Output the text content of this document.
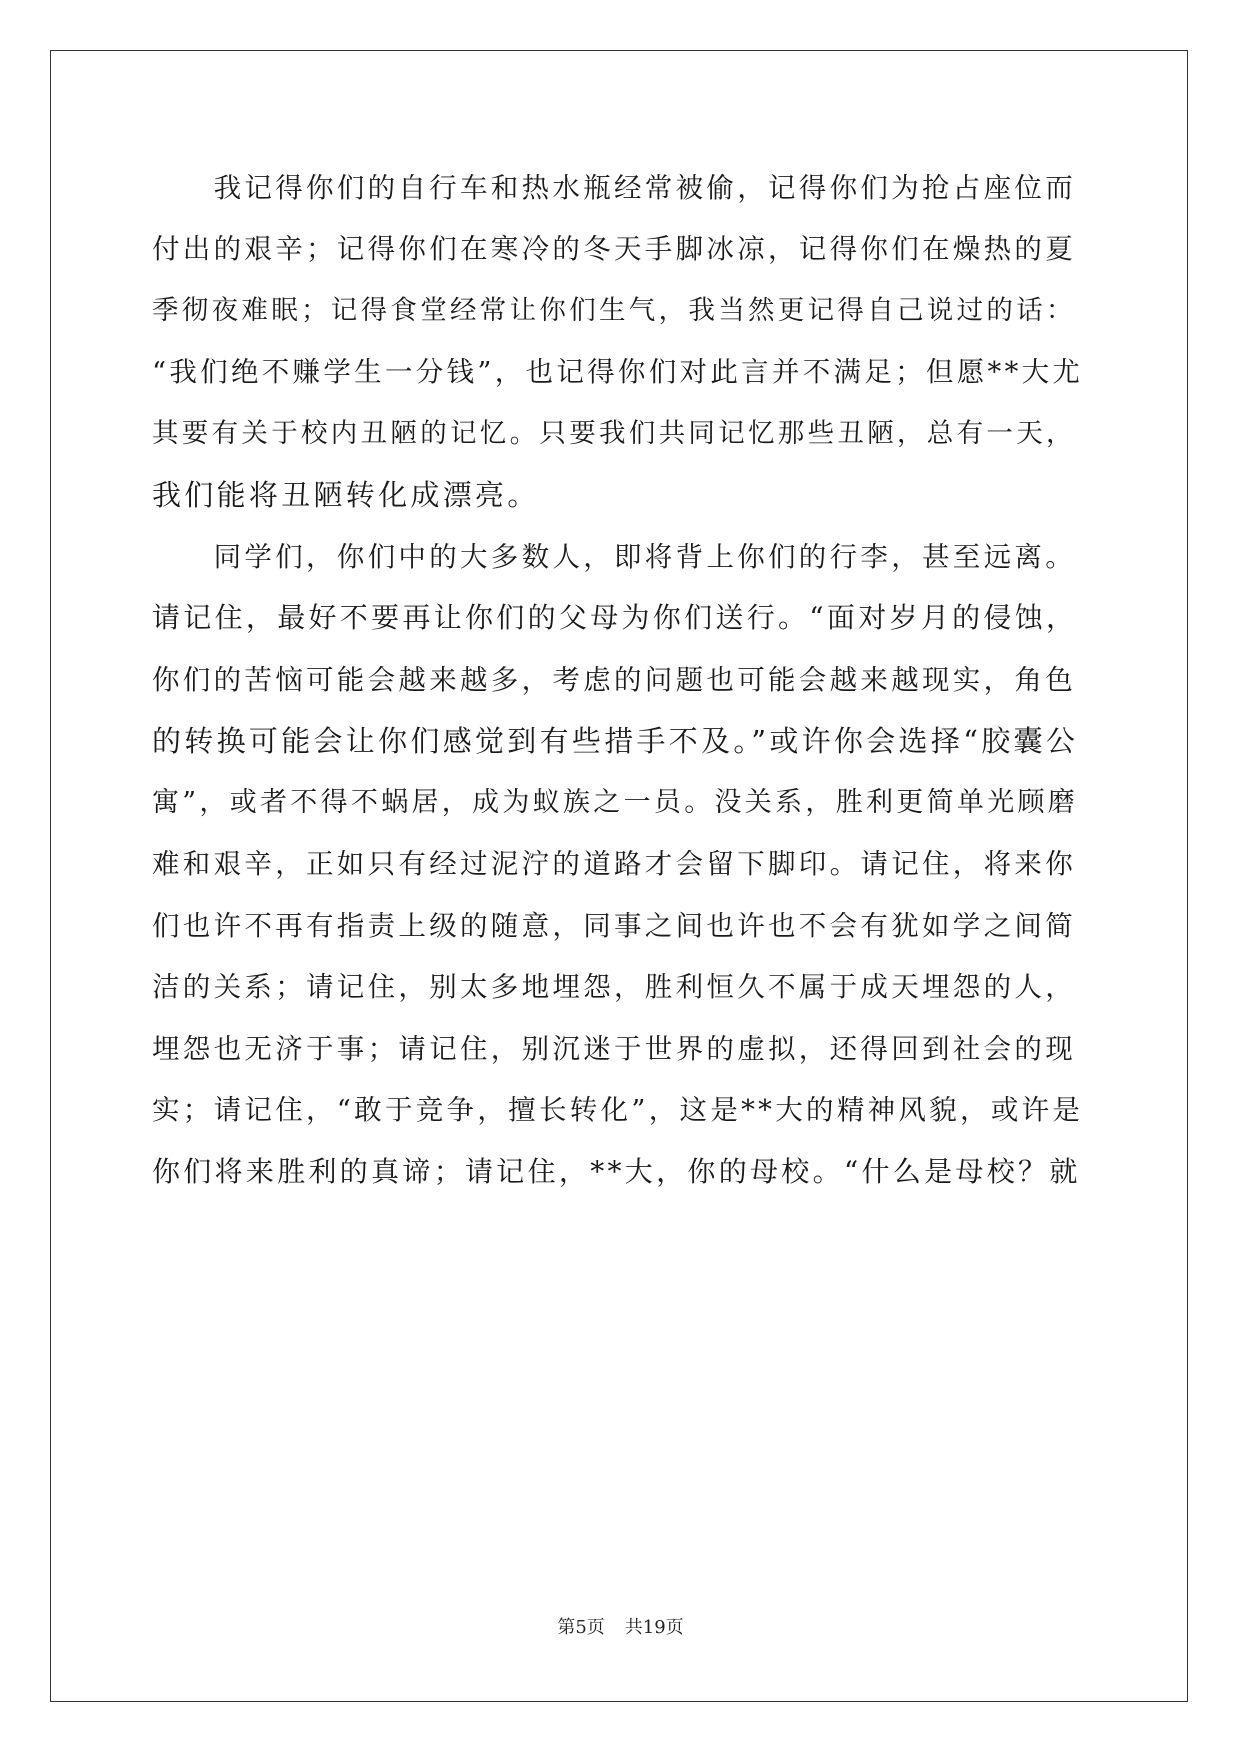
　　我记得你们的自行车和热水瓶经常被偷，记得你们为抢占座位而
付出的艰辛；记得你们在寒冷的冬天手脚冰凉，记得你们在燥热的夏
季彻夜难眠；记得食堂经常让你们生气，我当然更记得自己说过的话：
“我们绝不赚学生一分钱”，也记得你们对此言并不满足；但愿**大尤
其要有关于校内丑陋的记忆。只要我们共同记忆那些丑陋，总有一天，
我们能将丑陋转化成漂亮。
　　同学们，你们中的大多数人，即将背上你们的行李，甚至远离。
请记住，最好不要再让你们的父母为你们送行。“面对岁月的侵蚀，
你们的苦恼可能会越来越多，考虑的问题也可能会越来越现实，角色
的转换可能会让你们感觉到有些措手不及。”或许你会选择“胶囊公
寓”，或者不得不蜗居，成为蚁族之一员。没关系，胜利更简单光顾磨
难和艰辛，正如只有经过泥泞的道路才会留下脚印。请记住，将来你
们也许不再有指责上级的随意，同事之间也许也不会有犹如学之间简
洁的关系；请记住，别太多地埋怨，胜利恒久不属于成天埋怨的人，
埋怨也无济于事；请记住，别沉迷于世界的虚拟，还得回到社会的现
实；请记住，“敢于竞争，擅长转化”，这是**大的精神风貌，或许是
你们将来胜利的真谛；请记住，**大，你的母校。“什么是母校？就
第5页 共19页
